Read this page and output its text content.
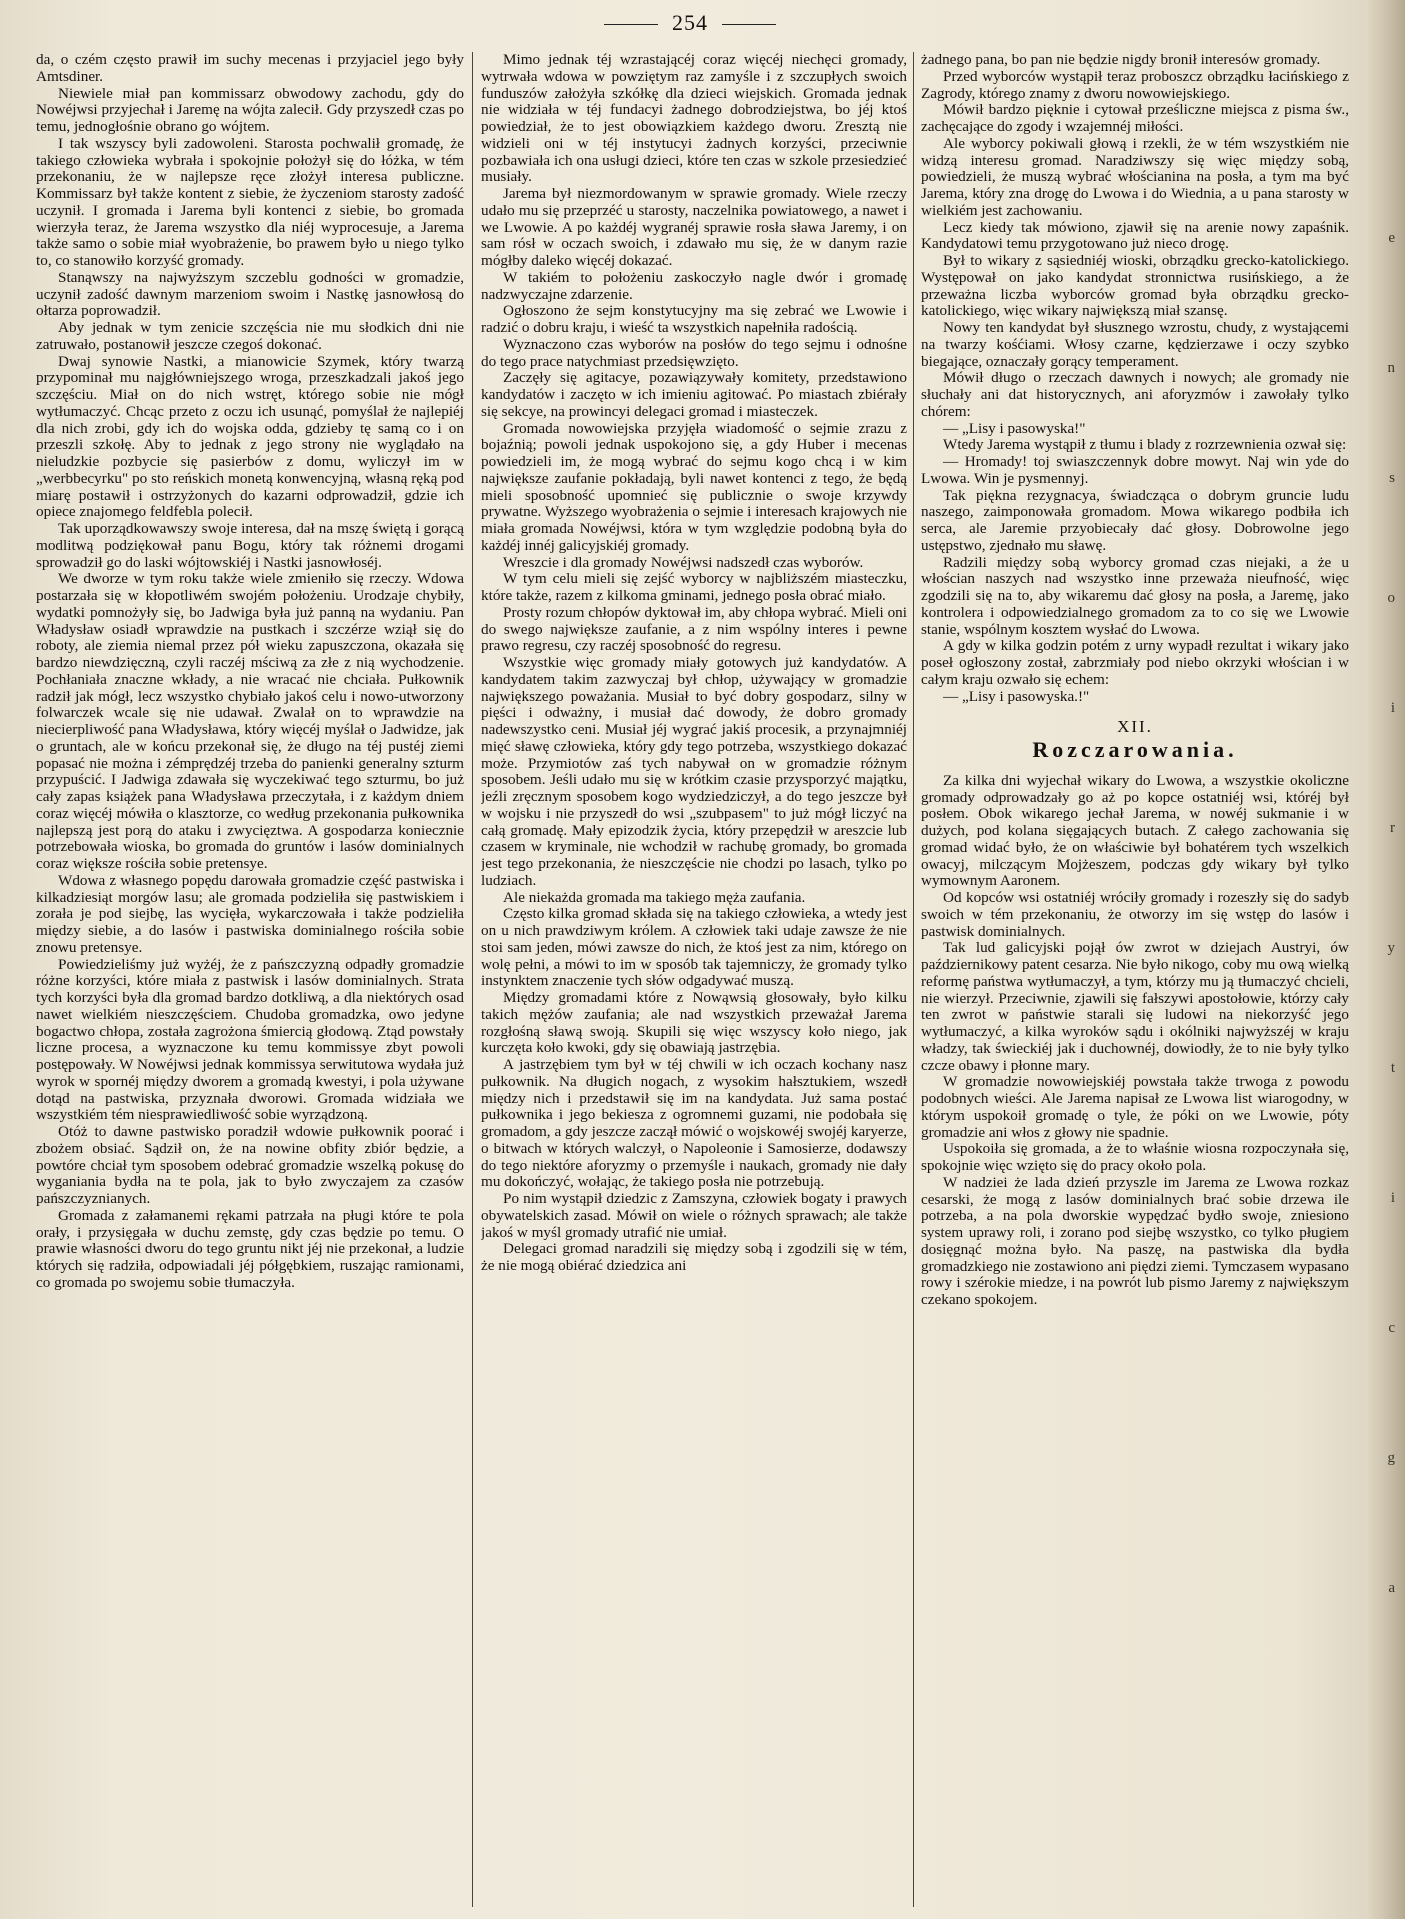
254

da, o czém często prawił im suchy mecenas i przyjaciel jego były Amtsdiner.

Niewiele miał pan kommissarz obwodowy zachodu, gdy do Nowéjwsi przyjechał i Jaremę na wójta zalecił. Gdy przyszedł czas po temu, jednogłośnie obrano go wójtem.

I tak wszyscy byli zadowoleni. Starosta pochwalił gromadę, że takiego człowieka wybrała i spokojnie położył się do łóżka, w tém przekonaniu, że w najlepsze ręce złożył interesa publiczne. Kommissarz był także kontent z siebie, że życzeniom starosty zadość uczynił. I gromada i Jarema byli kontenci z siebie, bo gromada wierzyła teraz, że Jarema wszystko dla niéj wyprocesuje, a Jarema także samo o sobie miał wyobrażenie, bo prawem było u niego tylko to, co stanowiło korzyść gromady.

Stanąwszy na najwyższym szczeblu godności w gromadzie, uczynił zadość dawnym marzeniom swoim i Nastkę jasnowłosą do ołtarza poprowadził.

Aby jednak w tym zenicie szczęścia nie mu słodkich dni nie zatruwało, postanowił jeszcze czegoś dokonać.

Dwaj synowie Nastki, a mianowicie Szymek, który twarzą przypominał mu najgłówniejszego wroga, przeszkadzali jakoś jego szczęściu. Miał on do nich wstręt, którego sobie nie mógł wytłumaczyć. Chcąc przeto z oczu ich usunąć, pomyślał że najlepiéj dla nich zrobi, gdy ich do wojska odda, gdzieby tę samą co i on przeszli szkołę. Aby to jednak z jego strony nie wyglądało na nieludzkie pozbycie się pasierbów z domu, wyliczył im w „werbbecyrku" po sto reńskich monetą konwencyjną, własną ręką pod miarę postawił i ostrzyżonych do kazarni odprowadził, gdzie ich opiece znajomego feldfebla polecił.

Tak uporządkowawszy swoje interesa, dał na mszę świętą i gorącą modlitwą podziękował panu Bogu, który tak różnemi drogami sprowadził go do laski wójtowskiéj i Nastki jasnowłoséj.

We dworze w tym roku także wiele zmieniło się rzeczy. Wdowa postarzała się w kłopotliwém swojém położeniu. Urodzaje chybiły, wydatki pomnożyły się, bo Jadwiga była już panną na wydaniu. Pan Władysław osiadł wprawdzie na pustkach i szczérze wziął się do roboty, ale ziemia niemal przez pół wieku zapuszczona, okazała się bardzo niewdzięczną, czyli raczéj mściwą za złe z nią wychodzenie. Pochłaniała znaczne wkłady, a nie wracać nie chciała. Pułkownik radził jak mógł, lecz wszystko chybiało jakoś celu i nowo-utworzony folwarczek wcale się nie udawał. Zwalał on to wprawdzie na niecierpliwość pana Władysława, który więcéj myślał o Jadwidze, jak o gruntach, ale w końcu przekonał się, że długo na téj pustéj ziemi popasać nie można i zémprędzéj trzeba do panienki generalny szturm przypuścić. I Jadwiga zdawała się wyczekiwać tego szturmu, bo już cały zapas książek pana Władysława przeczytała, i z każdym dniem coraz więcéj mówiła o klasztorze, co według przekonania pułkownika najlepszą jest porą do ataku i zwycięztwa. A gospodarza koniecznie potrzebowała wioska, bo gromada do gruntów i lasów dominialnych coraz większe rościła sobie pretensye.

Wdowa z własnego popędu darowała gromadzie część pastwiska i kilkadziesiąt morgów lasu; ale gromada podzieliła się pastwiskiem i zorała je pod siejbę, las wycięła, wykarczowała i także podzieliła między siebie, a do lasów i pastwiska dominialnego rościła sobie znowu pretensye.

Powiedzieliśmy już wyżéj, że z pańszczyzną odpadły gromadzie różne korzyści, które miała z pastwisk i lasów dominialnych. Strata tych korzyści była dla gromad bardzo dotkliwą, a dla niektórych osad nawet wielkiém nieszczęściem. Chudoba gromadzka, owo jedyne bogactwo chłopa, została zagrożona śmiercią głodową. Ztąd powstały liczne procesa, a wyznaczone ku temu kommissye zbyt powoli postępowały. W Nowéjwsi jednak kommissya serwitutowa wydała już wyrok w spornéj między dworem a gromadą kwestyi, i pola używane dotąd na pastwiska, przyznała dworowi. Gromada widziała we wszystkiém tém niesprawiedliwość sobie wyrządzoną.

Otóż to dawne pastwisko poradził wdowie pułkownik poorać i zbożem obsiać. Sądził on, że na nowine obfity zbiór będzie, a powtóre chciał tym sposobem odebrać gromadzie wszelką pokusę do wyganiania bydła na te pola, jak to było zwyczajem za czasów pańszczyznianych.

Gromada z załamanemi rękami patrzała na pługi które te pola orały, i przysięgała w duchu zemstę, gdy czas będzie po temu. O prawie własności dworu do tego gruntu nikt jéj nie przekonał, a ludzie których się radziła, odpowiadali jéj półgębkiem, ruszając ramionami, co gromada po swojemu sobie tłumaczyła.

Mimo jednak téj wzrastającéj coraz więcéj niechęci gromady, wytrwała wdowa w powziętym raz zamyśle i z szczupłych swoich funduszów założyła szkółkę dla dzieci wiejskich. Gromada jednak nie widziała w téj fundacyi żadnego dobrodziejstwa, bo jéj ktoś powiedział, że to jest obowiązkiem każdego dworu. Zresztą nie widzieli oni w téj instytucyi żadnych korzyści, przeciwnie pozbawiała ich ona usługi dzieci, które ten czas w szkole przesiedzieć musiały.

Jarema był niezmordowanym w sprawie gromady. Wiele rzeczy udało mu się przeprzéć u starosty, naczelnika powiatowego, a nawet i we Lwowie. A po każdéj wygranéj sprawie rosła sława Jaremy, i on sam rósł w oczach swoich, i zdawało mu się, że w danym razie mógłby daleko więcéj dokazać.

W takiém to położeniu zaskoczyło nagle dwór i gromadę nadzwyczajne zdarzenie.

Ogłoszono że sejm konstytucyjny ma się zebrać we Lwowie i radzić o dobru kraju, i wieść ta wszystkich napełniła radością.

Wyznaczono czas wyborów na posłów do tego sejmu i odnośne do tego prace natychmiast przedsięwzięto.

Zaczęły się agitacye, pozawiązywały komitety, przedstawiono kandydatów i zaczęto w ich imieniu agitować. Po miastach zbiérały się sekcye, na prowincyi delegaci gromad i miasteczek.

Gromada nowowiejska przyjęła wiadomość o sejmie zrazu z bojaźnią; powoli jednak uspokojono się, a gdy Huber i mecenas powiedzieli im, że mogą wybrać do sejmu kogo chcą i w kim największe zaufanie pokładają, byli nawet kontenci z tego, że będą mieli sposobność upomnieć się publicznie o swoje krzywdy prywatne. Wyższego wyobrażenia o sejmie i interesach krajowych nie miała gromada Nowéjwsi, która w tym względzie podobną była do każdéj innéj galicyjskiéj gromady.

Wreszcie i dla gromady Nowéjwsi nadszedł czas wyborów.

W tym celu mieli się zejść wyborcy w najbliższém miasteczku, które także, razem z kilkoma gminami, jednego posła obrać miało.

Prosty rozum chłopów dyktował im, aby chłopa wybrać. Mieli oni do swego największe zaufanie, a z nim wspólny interes i pewne prawo regresu, czy raczéj sposobność do regresu.

Wszystkie więc gromady miały gotowych już kandydatów. A kandydatem takim zazwyczaj był chłop, używający w gromadzie największego poważania. Musiał to być dobry gospodarz, silny w pięści i odważny, i musiał dać dowody, że dobro gromady nadewszystko ceni. Musiał jéj wygrać jakiś procesik, a przynajmniéj mięć sławę człowieka, który gdy tego potrzeba, wszystkiego dokazać może. Przymiotów zaś tych nabywał on w gromadzie różnym sposobem. Jeśli udało mu się w krótkim czasie przysporzyć majątku, jeźli zręcznym sposobem kogo wydziedziczył, a do tego jeszcze był w wojsku i nie przyszedł do wsi „szubpasem" to już mógł liczyć na całą gromadę. Mały epizodzik życia, który przepędził w areszcie lub czasem w kryminale, nie wchodził w rachubę gromady, bo gromada jest tego przekonania, że nieszczęście nie chodzi po lasach, tylko po ludziach.

Ale niekażda gromada ma takiego męża zaufania.

Często kilka gromad składa się na takiego człowieka, a wtedy jest on u nich prawdziwym królem. A człowiek taki udaje zawsze że nie stoi sam jeden, mówi zawsze do nich, że ktoś jest za nim, którego on wolę pełni, a mówi to im w sposób tak tajemniczy, że gromady tylko instynktem znaczenie tych słów odgadywać muszą.

Między gromadami które z Nowąwsią głosowały, było kilku takich mężów zaufania; ale nad wszystkich przeważał Jarema rozgłośną sławą swoją. Skupili się więc wszyscy koło niego, jak kurczęta koło kwoki, gdy się obawiają jastrzębia.

A jastrzębiem tym był w téj chwili w ich oczach kochany nasz pułkownik. Na długich nogach, z wysokim hałsztukiem, wszedł między nich i przedstawił się im na kandydata. Już sama postać pułkownika i jego bekiesza z ogromnemi guzami, nie podobała się gromadom, a gdy jeszcze zaczął mówić o wojskowéj swojéj karyerze, o bitwach w których walczył, o Napoleonie i Samosierze, dodawszy do tego niektóre aforyzmy o przemyśle i naukach, gromady nie dały mu dokończyć, wołając, że takiego posła nie potrzebują.

Po nim wystąpił dziedzic z Zamszyna, człowiek bogaty i prawych obywatelskich zasad. Mówił on wiele o różnych sprawach; ale także jakoś w myśl gromady utrafić nie umiał.

Delegaci gromad naradzili się między sobą i zgodzili się w tém, że nie mogą obiérać dziedzica ani

żadnego pana, bo pan nie będzie nigdy bronił interesów gromady.

Przed wyborców wystąpił teraz proboszcz obrządku łacińskiego z Zagrody, którego znamy z dworu nowowiejskiego.

Mówił bardzo pięknie i cytował prześliczne miejsca z pisma św., zachęcające do zgody i wzajemnéj miłości.

Ale wyborcy pokiwali głową i rzekli, że w tém wszystkiém nie widzą interesu gromad. Naradziwszy się więc między sobą, powiedzieli, że muszą wybrać włościanina na posła, a tym ma być Jarema, który zna drogę do Lwowa i do Wiednia, a u pana starosty w wielkiém jest zachowaniu.

Lecz kiedy tak mówiono, zjawił się na arenie nowy zapaśnik. Kandydatowi temu przygotowano już nieco drogę.

Był to wikary z sąsiedniéj wioski, obrządku grecko-katolickiego. Występował on jako kandydat stronnictwa rusińskiego, a że przeważna liczba wyborców gromad była obrządku grecko-katolickiego, więc wikary największą miał szansę.

Nowy ten kandydat był słusznego wzrostu, chudy, z wystającemi na twarzy kośćiami. Włosy czarne, kędzierzawe i oczy szybko biegające, oznaczały gorący temperament.

Mówił długo o rzeczach dawnych i nowych; ale gromady nie słuchały ani dat historycznych, ani aforyzmów i zawołały tylko chórem:

— „Lisy i pasowyska!"

Wtedy Jarema wystąpił z tłumu i blady z rozrzewnienia ozwał się:

— Hromady! toj swiaszczennyk dobre mowyt. Naj win yde do Lwowa. Win je pysmennyj.

Tak piękna rezygnacya, świadcząca o dobrym gruncie ludu naszego, zaimponowała gromadom. Mowa wikarego podbiła ich serca, ale Jaremie przyobiecały dać głosy. Dobrowolne jego ustępstwo, zjednało mu sławę.

Radzili między sobą wyborcy gromad czas niejaki, a że u włościan naszych nad wszystko inne przeważa nieufność, więc zgodzili się na to, aby wikaremu dać głosy na posła, a Jaremę, jako kontrolera i odpowiedzialnego gromadom za to co się we Lwowie stanie, wspólnym kosztem wysłać do Lwowa.

A gdy w kilka godzin potém z urny wypadł rezultat i wikary jako poseł ogłoszony został, zabrzmiały pod niebo okrzyki włościan i w całym kraju ozwało się echem:

— „Lisy i pasowyska.!"

XII.
Rozczarowania.

Za kilka dni wyjechał wikary do Lwowa, a wszystkie okoliczne gromady odprowadzały go aż po kopce ostatniéj wsi, któréj był posłem. Obok wikarego jechał Jarema, w nowéj sukmanie i w dużych, pod kolana sięgających butach. Z całego zachowania się gromad widać było, że on właściwie był bohatérem tych wszelkich owacyj, milczącym Mojżeszem, podczas gdy wikary był tylko wymownym Aaronem.

Od kopców wsi ostatniéj wróciły gromady i rozeszły się do sadyb swoich w tém przekonaniu, że otworzy im się wstęp do lasów i pastwisk dominialnych.

Tak lud galicyjski pojął ów zwrot w dziejach Austryi, ów październikowy patent cesarza. Nie było nikogo, coby mu ową wielką reformę państwa wytłumaczył, a tym, którzy mu ją tłumaczyć chcieli, nie wierzył. Przeciwnie, zjawili się fałszywi apostołowie, którzy cały ten zwrot w państwie starali się ludowi na niekorzyść jego wytłumaczyć, a kilka wyroków sądu i okólniki najwyższéj w kraju władzy, tak świeckiéj jak i duchownéj, dowiodły, że to nie były tylko czcze obawy i płonne mary.

W gromadzie nowowiejskiéj powstała także trwoga z powodu podobnych wieści. Ale Jarema napisał ze Lwowa list wiarogodny, w którym uspokoił gromadę o tyle, że póki on we Lwowie, póty gromadzie ani włos z głowy nie spadnie.

Uspokoiła się gromada, a że to właśnie wiosna rozpoczynała się, spokojnie więc wzięto się do pracy około pola.

W nadziei że lada dzień przyszle im Jarema ze Lwowa rozkaz cesarski, że mogą z lasów dominialnych brać sobie drzewa ile potrzeba, a na pola dworskie wypędzać bydło swoje, zniesiono system uprawy roli, i zorano pod siejbę wszystko, co tylko pługiem dosięgnąć można było. Na paszę, na pastwiska dla bydła gromadzkiego nie zostawiono ani piędzi ziemi. Tymczasem wypasano rowy i szérokie miedze, i na powrót lub pismo Jaremy z największym czekano spokojem.

e
n
s
o
i
r
y
t
i
c
g
a
